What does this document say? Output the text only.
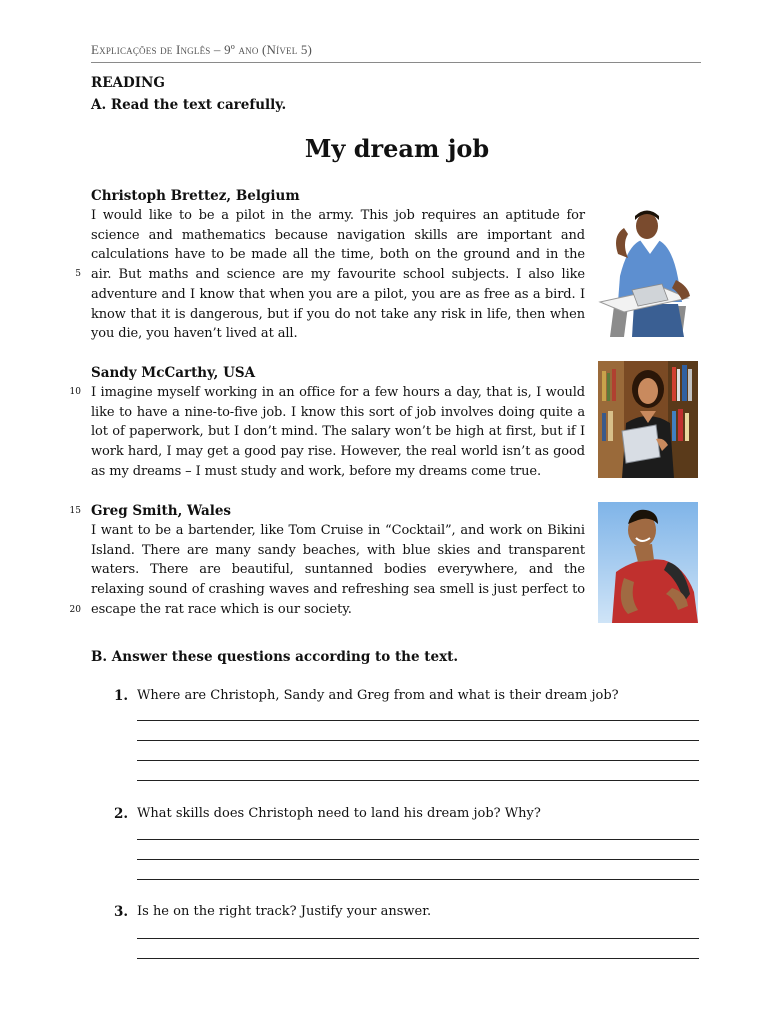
Explicações de Inglês – 9º ano (Nível 5)
READING
A. Read the text carefully.
My dream job
Christoph Brettez, Belgium
I would like to be a pilot in the army. This job requires an aptitude for science and mathematics because navigation skills are important and calculations have to be made all the time, both on the ground and in the air. But maths and science are my favourite school subjects. I also like adventure and I know that when you are a pilot, you are as free as a bird. I know that it is dangerous, but if you do not take any risk in life, then when you die, you haven’t lived at all.
Sandy McCarthy, USA
I imagine myself working in an office for a few hours a day, that is, I would like to have a nine-to-five job. I know this sort of job involves doing quite a lot of paperwork, but I don’t mind. The salary won’t be high at first, but if I work hard, I may get a good pay rise. However, the real world isn’t as good as my dreams – I must study and work, before my dreams come true.
Greg Smith, Wales
I want to be a bartender, like Tom Cruise in “Cocktail”, and work on Bikini Island. There are many sandy beaches, with blue skies and transparent waters. There are beautiful, suntanned bodies everywhere, and the relaxing sound of crashing waves and refreshing sea smell is just perfect to escape the rat race which is our society.
5
10
15
20
B. Answer these questions according to the text.
1. Where are Christoph, Sandy and Greg from and what is their dream job?
2. What skills does Christoph need to land his dream job? Why?
3. Is he on the right track? Justify your answer.
